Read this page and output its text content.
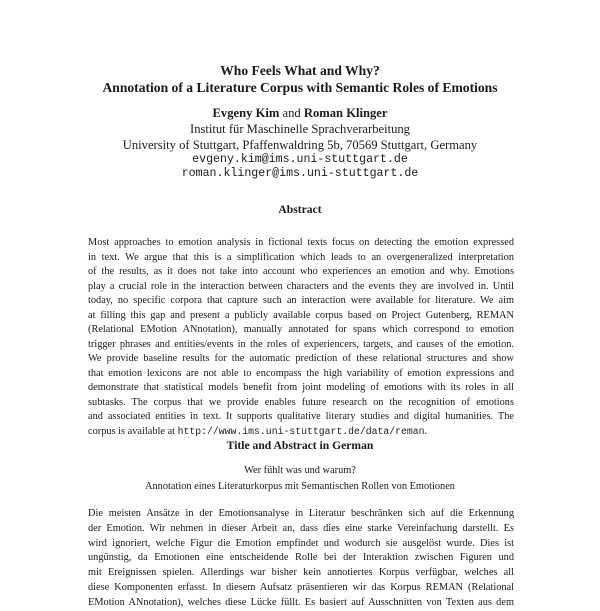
Who Feels What and Why?
Annotation of a Literature Corpus with Semantic Roles of Emotions
Evgeny Kim and Roman Klinger
Institut für Maschinelle Sprachverarbeitung
University of Stuttgart, Pfaffenwaldring 5b, 70569 Stuttgart, Germany
evgeny.kim@ims.uni-stuttgart.de
roman.klinger@ims.uni-stuttgart.de
Abstract
Most approaches to emotion analysis in fictional texts focus on detecting the emotion expressed
in text. We argue that this is a simplification which leads to an overgeneralized interpretation
of the results, as it does not take into account who experiences an emotion and why. Emotions
play a crucial role in the interaction between characters and the events they are involved in. Until
today, no specific corpora that capture such an interaction were available for literature. We aim
at filling this gap and present a publicly available corpus based on Project Gutenberg, REMAN
(Relational EMotion ANnotation), manually annotated for spans which correspond to emotion
trigger phrases and entities/events in the roles of experiencers, targets, and causes of the emotion.
We provide baseline results for the automatic prediction of these relational structures and show
that emotion lexicons are not able to encompass the high variability of emotion expressions and
demonstrate that statistical models benefit from joint modeling of emotions with its roles in all
subtasks. The corpus that we provide enables future research on the recognition of emotions
and associated entities in text. It supports qualitative literary studies and digital humanities. The
corpus is available at http://www.ims.uni-stuttgart.de/data/reman.
Title and Abstract in German
Wer fühlt was und warum?
Annotation eines Literaturkorpus mit Semantischen Rollen von Emotionen
Die meisten Ansätze in der Emotionsanalyse in Literatur beschränken sich auf die Erkennung
der Emotion. Wir nehmen in dieser Arbeit an, dass dies eine starke Vereinfachung darstellt. Es
wird ignoriert, welche Figur die Emotion empfindet und wodurch sie ausgelöst wurde. Dies ist
ungünstig, da Emotionen eine entscheidende Rolle bei der Interaktion zwischen Figuren und
mit Ereignissen spielen. Allerdings war bisher kein annotiertes Korpus verfügbar, welches all
diese Komponenten erfasst. In diesem Aufsatz präsentieren wir das Korpus REMAN (Relational
EMotion ANnotation), welches diese Lücke füllt. Es basiert auf Ausschnitten von Texten aus dem
